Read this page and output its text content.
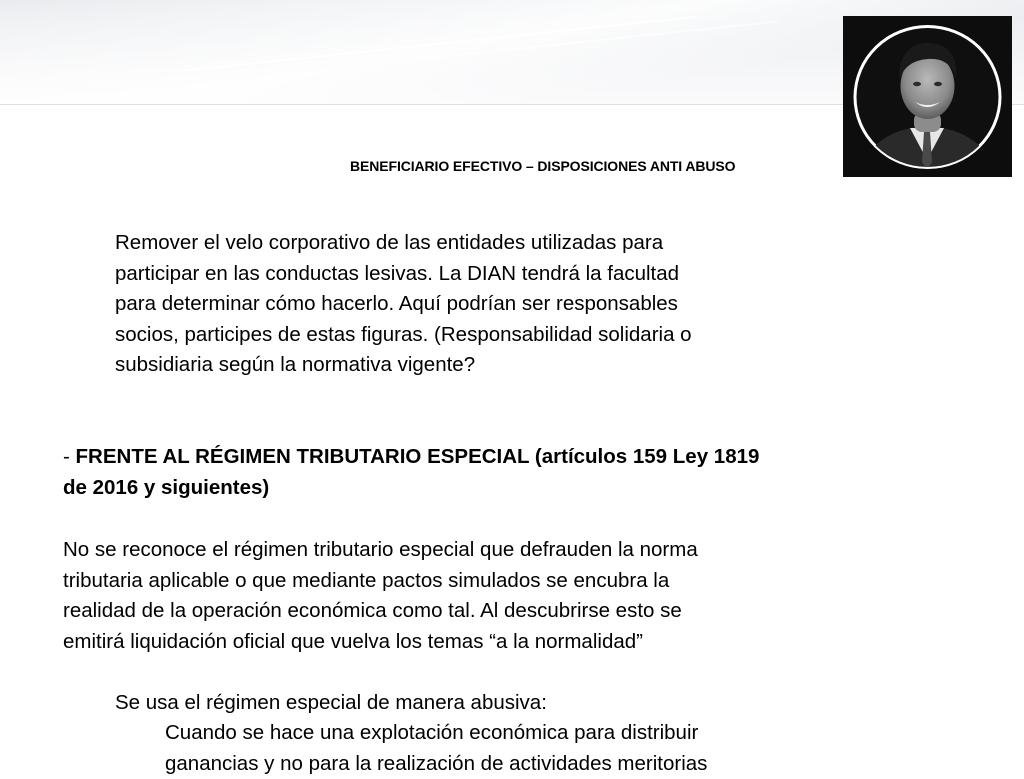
BENEFICIARIO EFECTIVO – DISPOSICIONES ANTI ABUSO
Remover el velo corporativo de las entidades utilizadas para
participar en las conductas lesivas. La DIAN tendrá la facultad
para determinar cómo hacerlo. Aquí podrían ser responsables
socios, participes de estas figuras. (Responsabilidad solidaria o
subsidiaria según la normativa vigente?
- FRENTE AL RÉGIMEN TRIBUTARIO ESPECIAL (artículos 159 Ley 1819
de 2016 y siguientes)
No se reconoce el régimen tributario especial que defrauden la norma
tributaria aplicable o que mediante pactos simulados se encubra la
realidad de la operación económica como tal. Al descubrirse esto se
emitirá liquidación oficial que vuelva los temas “a la normalidad”
Se usa el régimen especial de manera abusiva:
Cuando se hace una explotación económica para distribuir
ganancias y no para la realización de actividades meritorias
